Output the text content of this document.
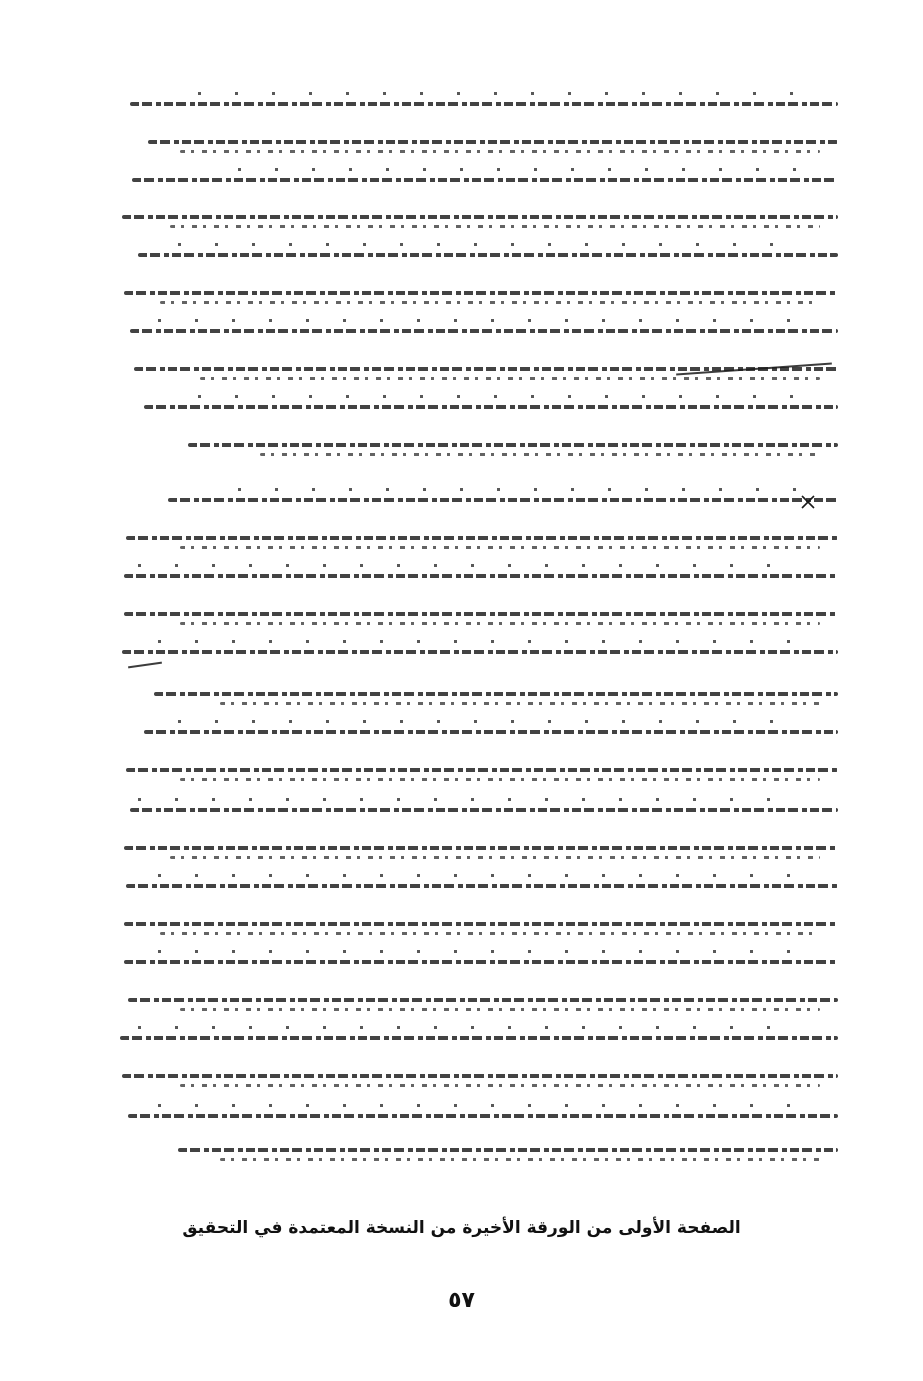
الصفحة الأولى من الورقة الأخيرة من النسخة المعتمدة في التحقيق
٥٧
